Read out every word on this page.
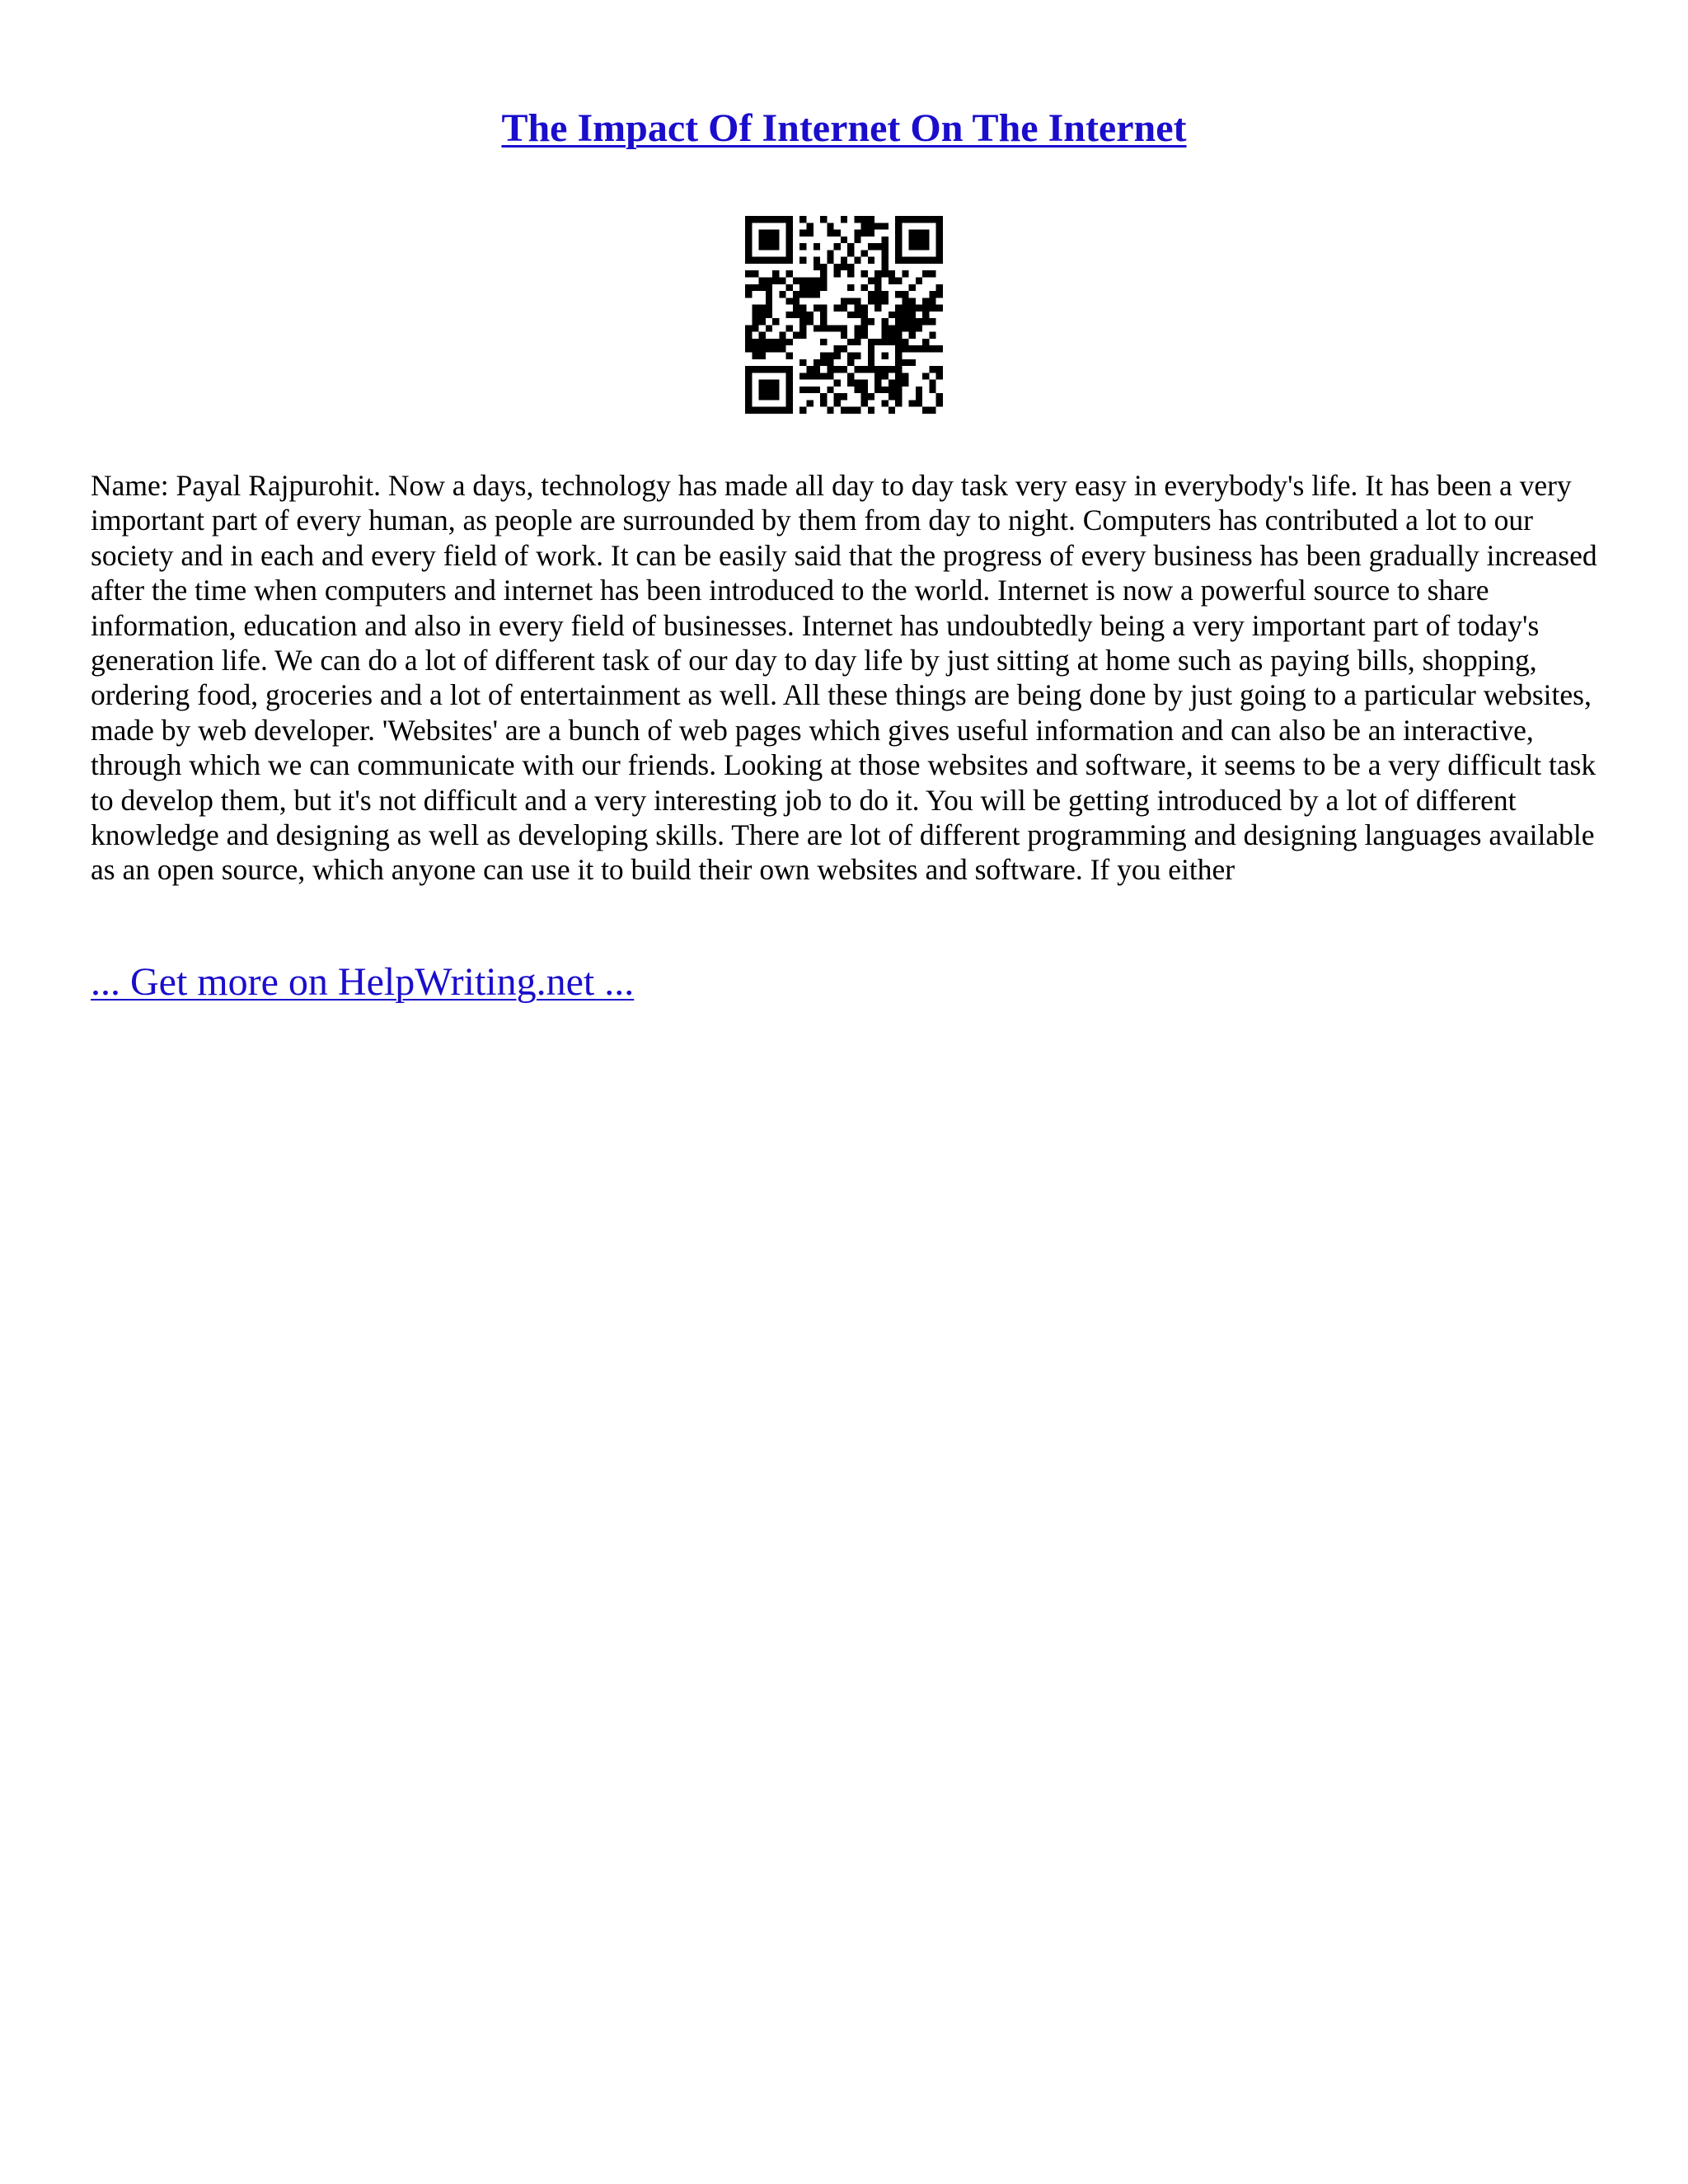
The Impact Of Internet On The Internet

Name: Payal Rajpurohit. Now a days, technology has made all day to day task very easy in everybody's life. It has been a very important part of every human, as people are surrounded by them from day to night. Computers has contributed a lot to our society and in each and every field of work. It can be easily said that the progress of every business has been gradually increased after the time when computers and internet has been introduced to the world. Internet is now a powerful source to share information, education and also in every field of businesses. Internet has undoubtedly being a very important part of today's generation life. We can do a lot of different task of our day to day life by just sitting at home such as paying bills, shopping, ordering food, groceries and a lot of entertainment as well. All these things are being done by just going to a particular websites, made by web developer. 'Websites' are a bunch of web pages which gives useful information and can also be an interactive, through which we can communicate with our friends. Looking at those websites and software, it seems to be a very difficult task to develop them, but it's not difficult and a very interesting job to do it. You will be getting introduced by a lot of different knowledge and designing as well as developing skills. There are lot of different programming and designing languages available as an open source, which anyone can use it to build their own websites and software. If you either

... Get more on HelpWriting.net ...
